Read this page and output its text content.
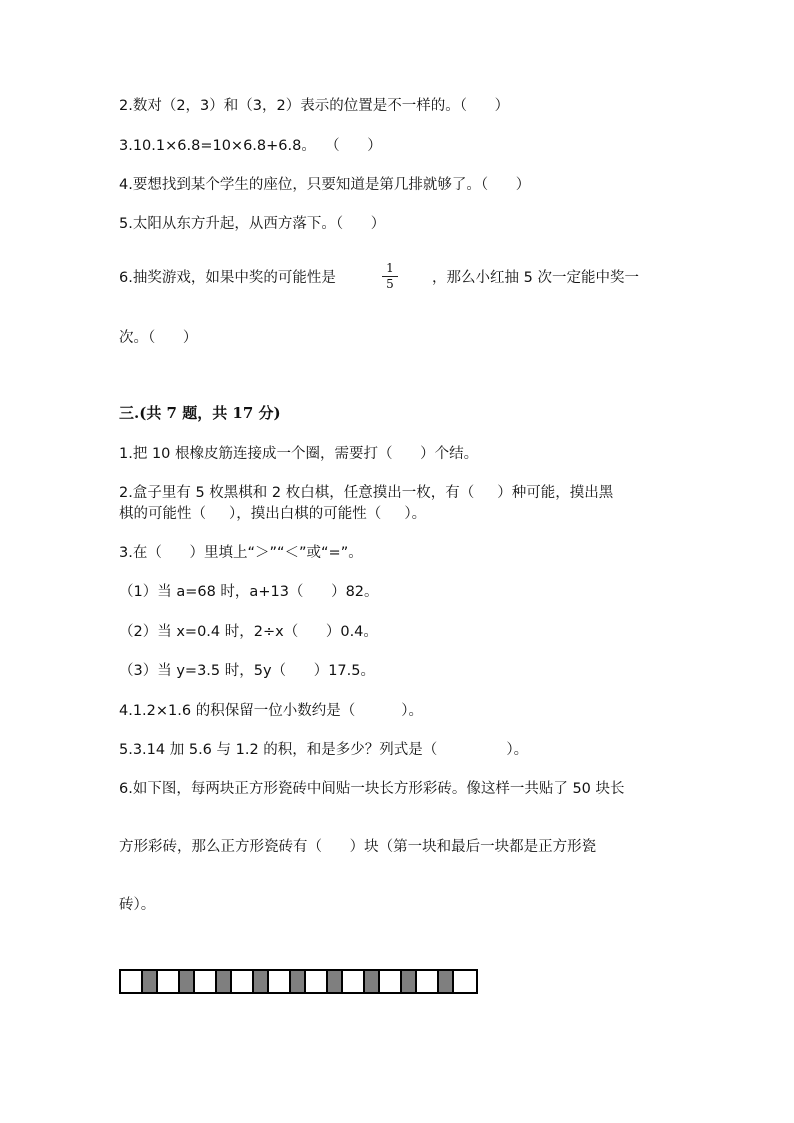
2.数对（2，3）和（3，2）表示的位置是不一样的。（      ）
3.10.1×6.8=10×6.8+6.8。  （      ）
4.要想找到某个学生的座位，只要知道是第几排就够了。（      ）
5.太阳从东方升起，从西方落下。（      ）
6.抽奖游戏，如果中奖的可能性是
1
5	，那么小红抽 5 次一定能中奖一
次。（      ）
三.(共 7 题，共 17 分)
1.把 10 根橡皮筋连接成一个圈，需要打（      ）个结。
2.盒子里有 5 枚黑棋和 2 枚白棋，任意摸出一枚，有（     ）种可能，摸出黑
棋的可能性（     ），摸出白棋的可能性（     ）。
3.在（      ）里填上“＞”“＜”或“=”。
（1）当 a=68 时，a+13（      ）82。
（2）当 x=0.4 时，2÷x（      ）0.4。
（3）当 y=3.5 时，5y（      ）17.5。
4.1.2×1.6 的积保留一位小数约是（          ）。
5.3.14 加 5.6 与 1.2 的积，和是多少？列式是（               ）。
6.如下图，每两块正方形瓷砖中间贴一块长方形彩砖。像这样一共贴了 50 块长
方形彩砖，那么正方形瓷砖有（      ）块（第一块和最后一块都是正方形瓷
砖）。
